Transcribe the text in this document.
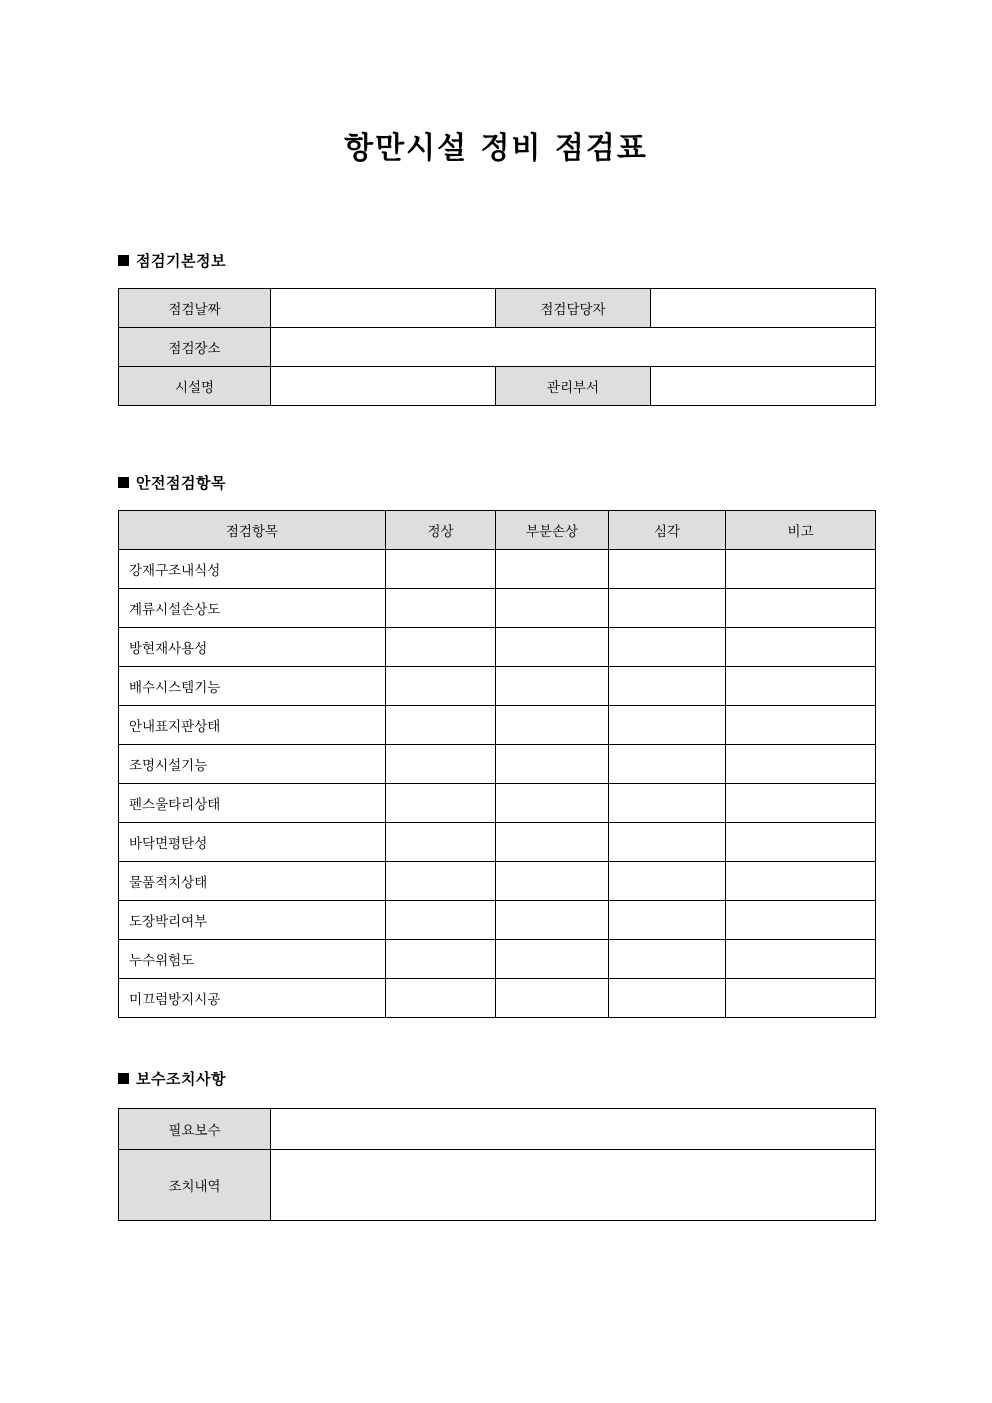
항만시설 정비 점검표
점검기본정보
점검날짜		점검담당자	
점검장소			
시설명		관리부서	
안전점검항목
점검항목	정상	부분손상	심각	비고
강재구조내식성				
계류시설손상도				
방현재사용성				
배수시스템기능				
안내표지판상태				
조명시설기능				
펜스울타리상태				
바닥면평탄성				
물품적치상태				
도장박리여부				
누수위험도				
미끄럼방지시공				
보수조치사항
필요보수	
조치내역	
